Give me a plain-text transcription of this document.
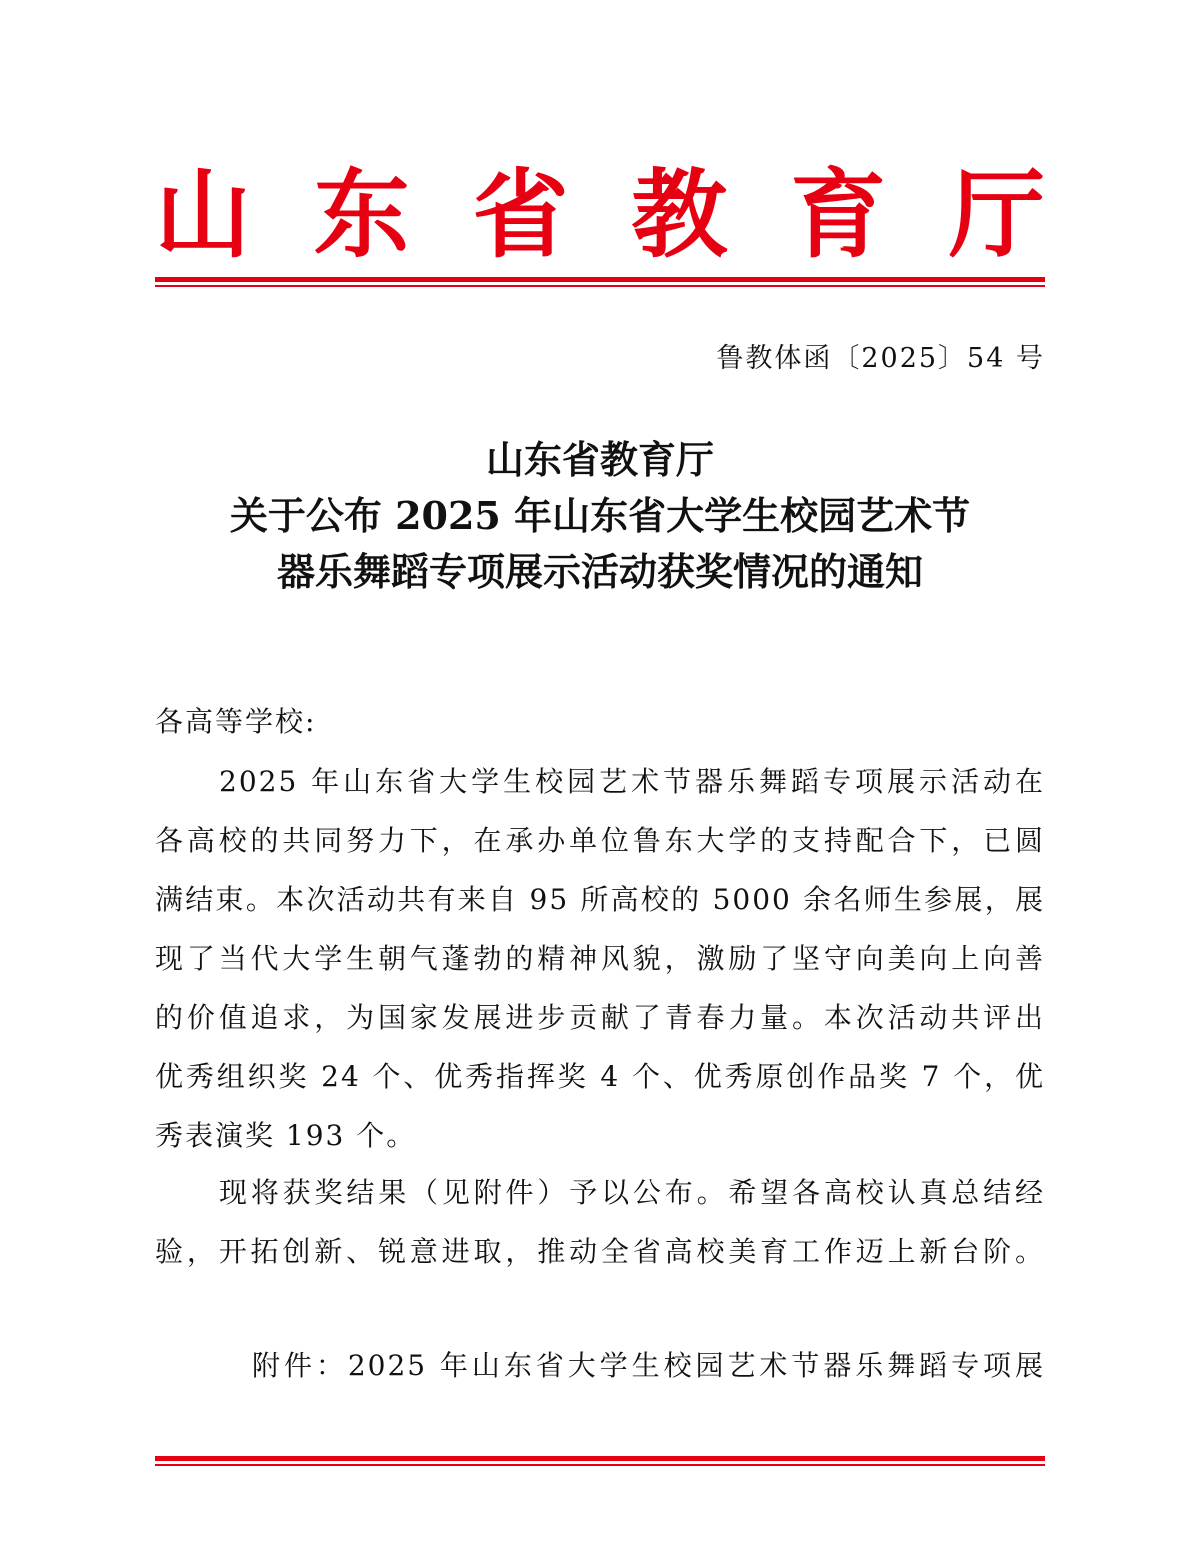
山 东 省 教 育 厅
鲁教体函〔2025〕54 号
山东省教育厅
关于公布 2025 年山东省大学生校园艺术节
器乐舞蹈专项展示活动获奖情况的通知
各高等学校:
2025 年山东省大学生校园艺术节器乐舞蹈专项展示活动在
各高校的共同努力下，在承办单位鲁东大学的支持配合下，已圆
满结束。本次活动共有来自 95 所高校的 5000 余名师生参展，展
现了当代大学生朝气蓬勃的精神风貌，激励了坚守向美向上向善
的价值追求，为国家发展进步贡献了青春力量。本次活动共评出
优秀组织奖 24 个、优秀指挥奖 4 个、优秀原创作品奖 7 个，优
秀表演奖 193 个。
现将获奖结果（见附件）予以公布。希望各高校认真总结经
验，开拓创新、锐意进取，推动全省高校美育工作迈上新台阶。
附件：2025 年山东省大学生校园艺术节器乐舞蹈专项展
